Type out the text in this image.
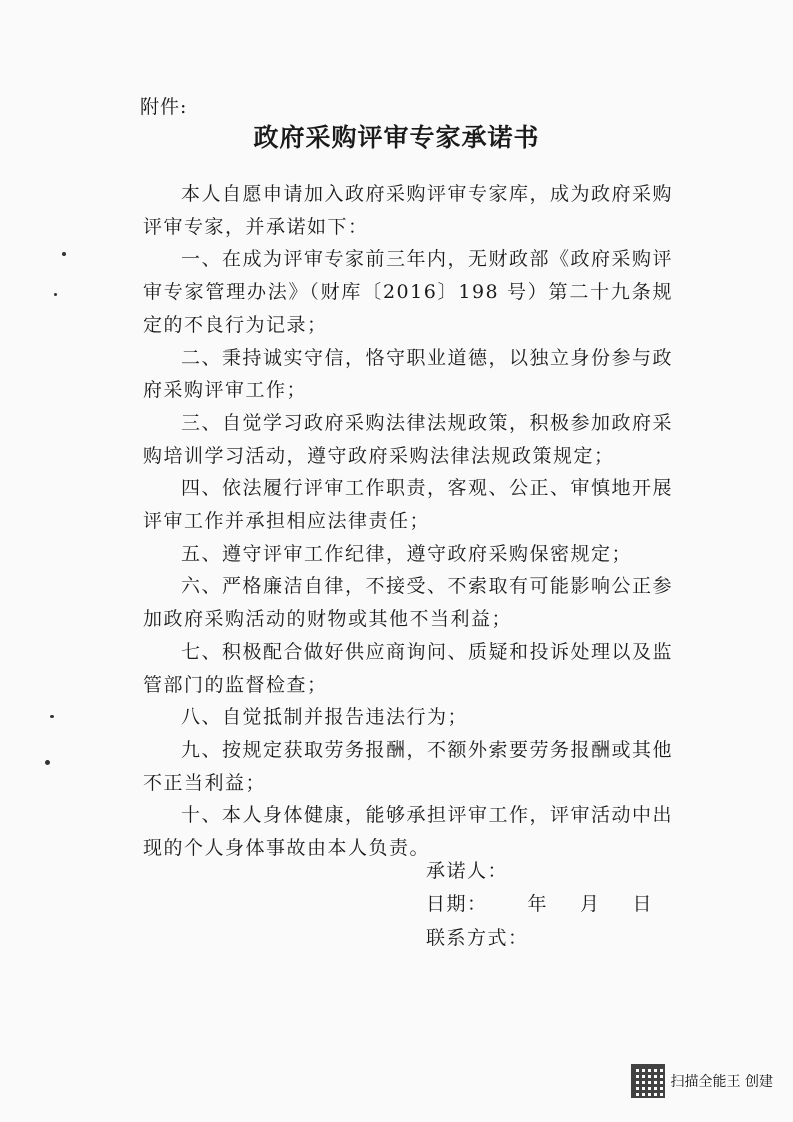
附件:
政府采购评审专家承诺书

本人自愿申请加入政府采购评审专家库，成为政府采购评审专家，并承诺如下：

一、在成为评审专家前三年内，无财政部《政府采购评审专家管理办法》（财库〔2016〕198 号）第二十九条规定的不良行为记录；

二、秉持诚实守信，恪守职业道德，以独立身份参与政府采购评审工作；

三、自觉学习政府采购法律法规政策，积极参加政府采购培训学习活动，遵守政府采购法律法规政策规定；

四、依法履行评审工作职责，客观、公正、审慎地开展评审工作并承担相应法律责任；

五、遵守评审工作纪律，遵守政府采购保密规定；

六、严格廉洁自律，不接受、不索取有可能影响公正参加政府采购活动的财物或其他不当利益；

七、积极配合做好供应商询问、质疑和投诉处理以及监管部门的监督检查；

八、自觉抵制并报告违法行为；

九、按规定获取劳务报酬，不额外索要劳务报酬或其他不正当利益；

十、本人身体健康，能够承担评审工作，评审活动中出现的个人身体事故由本人负责。

承诺人：
日期： 年 月 日
联系方式：
扫描全能王 创建
